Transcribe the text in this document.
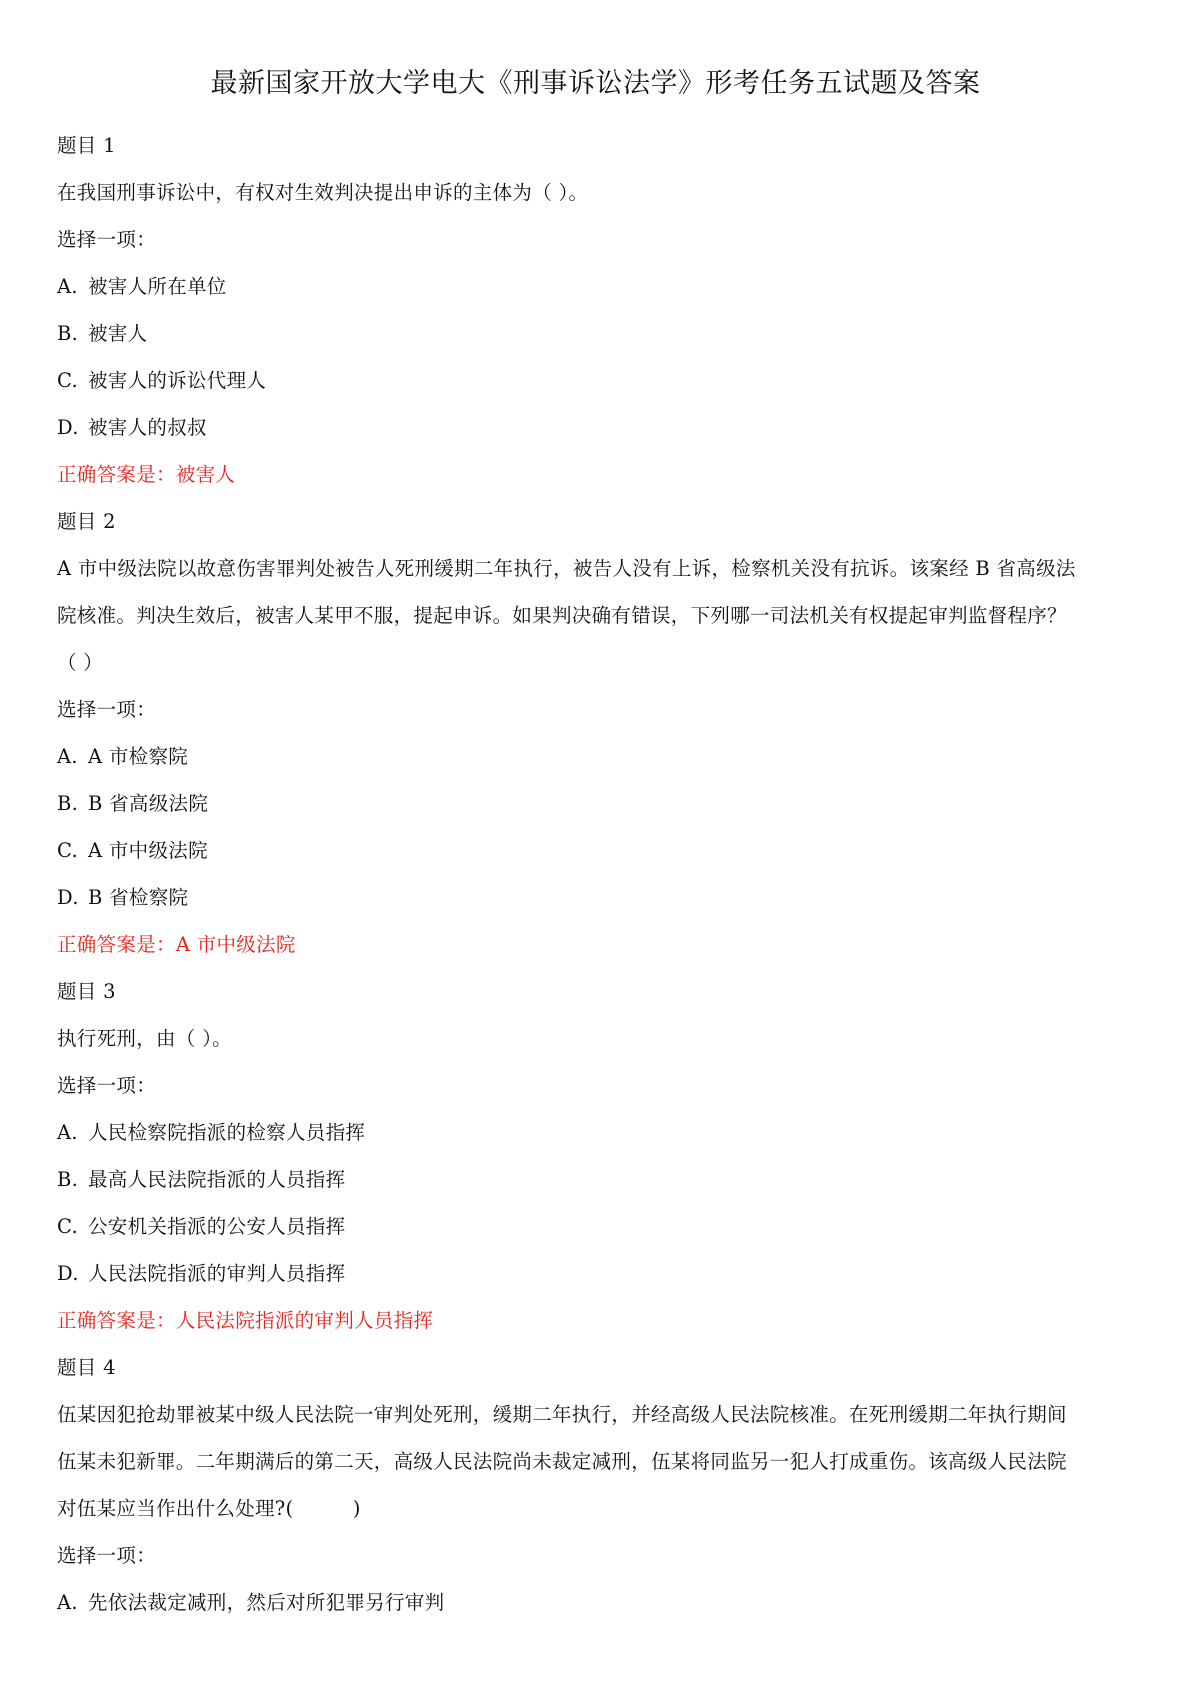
最新国家开放大学电大《刑事诉讼法学》形考任务五试题及答案
题目 1
在我国刑事诉讼中，有权对生效判决提出申诉的主体为（ ）。
选择一项：
A. 被害人所在单位
B. 被害人
C. 被害人的诉讼代理人
D. 被害人的叔叔
正确答案是：被害人
题目 2
A 市中级法院以故意伤害罪判处被告人死刑缓期二年执行，被告人没有上诉，检察机关没有抗诉。该案经 B 省高级法
院核准。判决生效后，被害人某甲不服，提起申诉。如果判决确有错误，下列哪一司法机关有权提起审判监督程序？
（ ）
选择一项：
A. A 市检察院
B. B 省高级法院
C. A 市中级法院
D. B 省检察院
正确答案是：A 市中级法院
题目 3
执行死刑，由（ ）。
选择一项：
A. 人民检察院指派的检察人员指挥
B. 最高人民法院指派的人员指挥
C. 公安机关指派的公安人员指挥
D. 人民法院指派的审判人员指挥
正确答案是：人民法院指派的审判人员指挥
题目 4
伍某因犯抢劫罪被某中级人民法院一审判处死刑，缓期二年执行，并经高级人民法院核准。在死刑缓期二年执行期间
伍某未犯新罪。二年期满后的第二天，高级人民法院尚未裁定减刑，伍某将同监另一犯人打成重伤。该高级人民法院
对伍某应当作出什么处理?(　　　)
选择一项：
A. 先依法裁定减刑，然后对所犯罪另行审判
